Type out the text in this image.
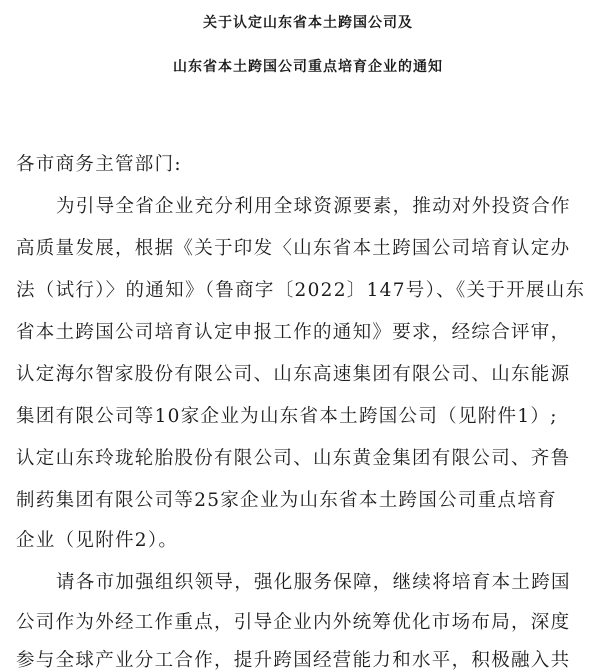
关于认定山东省本土跨国公司及
山东省本土跨国公司重点培育企业的通知
各市商务主管部门:
为引导全省企业充分利用全球资源要素，推动对外投资合作
高质量发展，根据《关于印发〈山东省本土跨国公司培育认定办
法（试行）〉的通知》（鲁商字〔2022〕147号）、《关于开展山东
省本土跨国公司培育认定申报工作的通知》要求，经综合评审，
认定海尔智家股份有限公司、山东高速集团有限公司、山东能源
集团有限公司等10家企业为山东省本土跨国公司（见附件1）;
认定山东玲珑轮胎股份有限公司、山东黄金集团有限公司、齐鲁
制药集团有限公司等25家企业为山东省本土跨国公司重点培育
企业（见附件2）。
请各市加强组织领导，强化服务保障，继续将培育本土跨国
公司作为外经工作重点，引导企业内外统筹优化市场布局，深度
参与全球产业分工合作，提升跨国经营能力和水平，积极融入共
